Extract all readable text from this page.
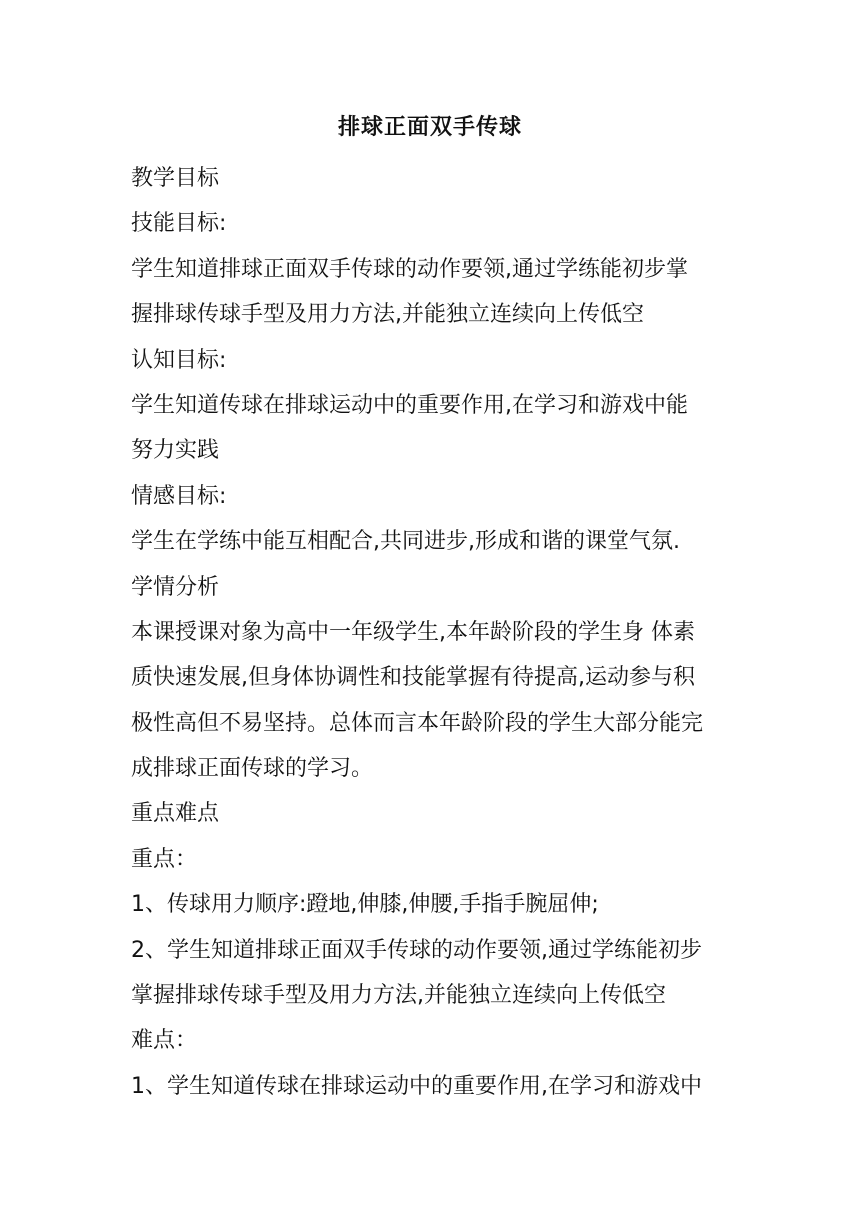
排球正面双手传球
教学目标
技能目标:
学生知道排球正面双手传球的动作要领,通过学练能初步掌
握排球传球手型及用力方法,并能独立连续向上传低空
认知目标:
学生知道传球在排球运动中的重要作用,在学习和游戏中能
努力实践
情感目标:
学生在学练中能互相配合,共同进步,形成和谐的课堂气氛.
学情分析
本课授课对象为高中一年级学生,本年龄阶段的学生身 体素
质快速发展,但身体协调性和技能掌握有待提高,运动参与积
极性高但不易坚持。总体而言本年龄阶段的学生大部分能完
成排球正面传球的学习。
重点难点
重点：
1、传球用力顺序:蹬地,伸膝,伸腰,手指手腕屈伸;
2、学生知道排球正面双手传球的动作要领,通过学练能初步
掌握排球传球手型及用力方法,并能独立连续向上传低空
难点：
1、学生知道传球在排球运动中的重要作用,在学习和游戏中
